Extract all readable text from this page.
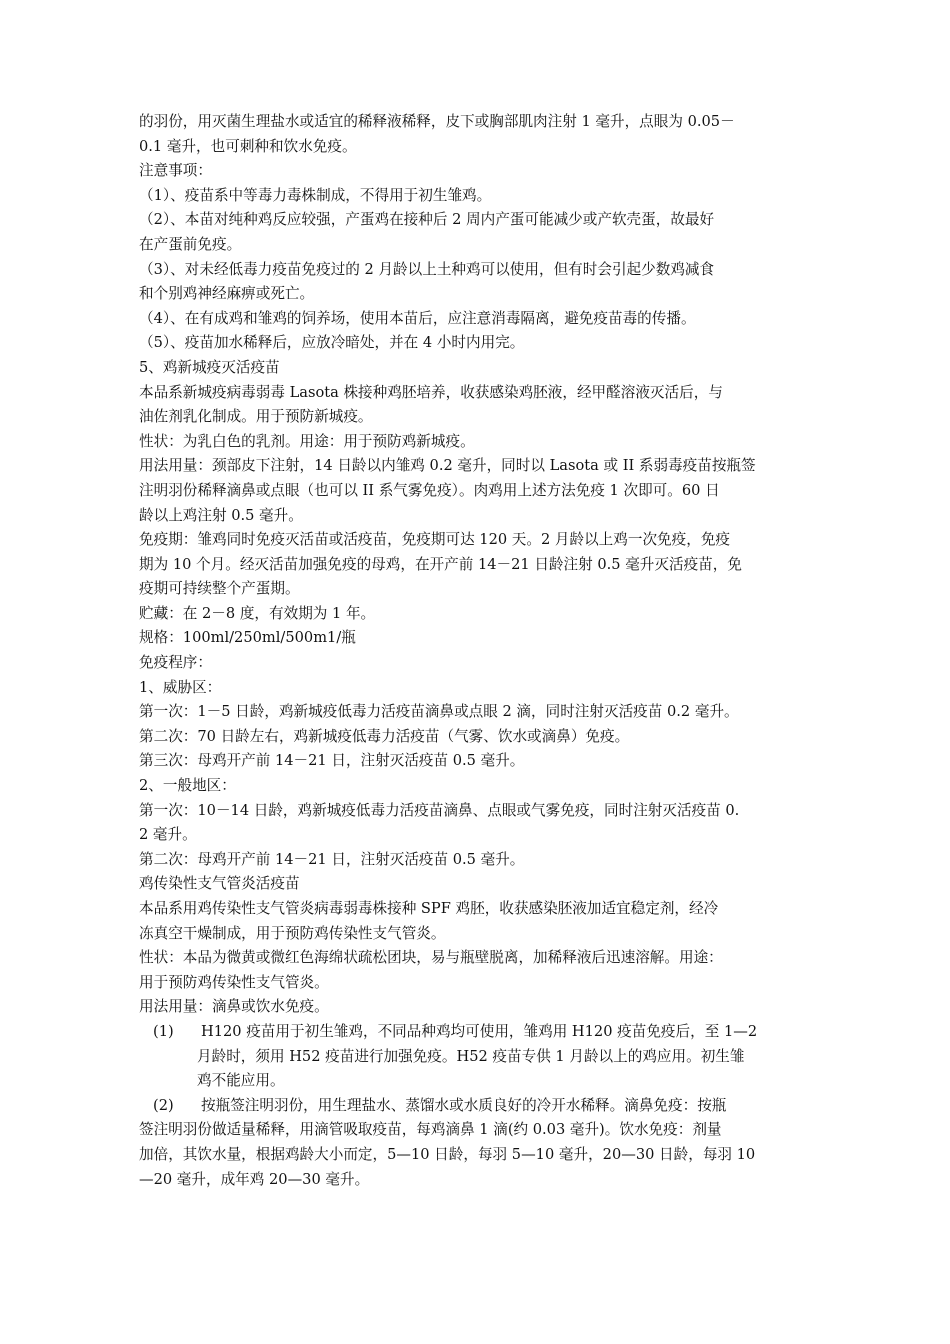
的羽份，用灭菌生理盐水或适宜的稀释液稀释，皮下或胸部肌肉注射 1 毫升，点眼为 0.05－
0.1 毫升，也可刺种和饮水免疫。
注意事项：
（1）、疫苗系中等毒力毒株制成，不得用于初生雏鸡。
（2）、本苗对纯种鸡反应较强，产蛋鸡在接种后 2 周内产蛋可能减少或产软壳蛋，故最好
在产蛋前免疫。
（3）、对未经低毒力疫苗免疫过的 2 月龄以上土种鸡可以使用，但有时会引起少数鸡减食
和个别鸡神经麻痹或死亡。
（4）、在有成鸡和雏鸡的饲养场，使用本苗后，应注意消毒隔离，避免疫苗毒的传播。
（5）、疫苗加水稀释后，应放冷暗处，并在 4 小时内用完。
5、鸡新城疫灭活疫苗
本品系新城疫病毒弱毒 Lasota 株接种鸡胚培养，收获感染鸡胚液，经甲醛溶液灭活后，与
油佐剂乳化制成。用于预防新城疫。
性状：为乳白色的乳剂。用途：用于预防鸡新城疫。
用法用量：颈部皮下注射，14 日龄以内雏鸡 0.2 毫升，同时以 Lasota 或 II 系弱毒疫苗按瓶签
注明羽份稀释滴鼻或点眼（也可以 II 系气雾免疫）。肉鸡用上述方法免疫 1 次即可。60 日
龄以上鸡注射 0.5 毫升。
免疫期：雏鸡同时免疫灭活苗或活疫苗，免疫期可达 120 天。2 月龄以上鸡一次免疫，免疫
期为 10 个月。经灭活苗加强免疫的母鸡，在开产前 14－21 日龄注射 0.5 毫升灭活疫苗，免
疫期可持续整个产蛋期。
贮藏：在 2－8 度，有效期为 1 年。
规格：100ml/250ml/500m1/瓶
免疫程序：
1、威胁区：
第一次：1－5 日龄，鸡新城疫低毒力活疫苗滴鼻或点眼 2 滴，同时注射灭活疫苗 0.2 毫升。
第二次：70 日龄左右，鸡新城疫低毒力活疫苗（气雾、饮水或滴鼻）免疫。
第三次：母鸡开产前 14－21 日，注射灭活疫苗 0.5 毫升。
2、一般地区：
第一次：10－14 日龄，鸡新城疫低毒力活疫苗滴鼻、点眼或气雾免疫，同时注射灭活疫苗 0.
2 毫升。
第二次：母鸡开产前 14－21 日，注射灭活疫苗 0.5 毫升。
鸡传染性支气管炎活疫苗
本品系用鸡传染性支气管炎病毒弱毒株接种 SPF 鸡胚，收获感染胚液加适宜稳定剂，经冷
冻真空干燥制成，用于预防鸡传染性支气管炎。
性状：本品为微黄或微红色海绵状疏松团块，易与瓶壁脱离，加稀释液后迅速溶解。用途：
用于预防鸡传染性支气管炎。
用法用量：滴鼻或饮水免疫。
(1) H120 疫苗用于初生雏鸡，不同品种鸡均可使用，雏鸡用 H120 疫苗免疫后，至 1—2
月龄时，须用 H52 疫苗进行加强免疫。H52 疫苗专供 1 月龄以上的鸡应用。初生雏
鸡不能应用。
(2) 按瓶签注明羽份，用生理盐水、蒸馏水或水质良好的冷开水稀释。滴鼻免疫：按瓶
签注明羽份做适量稀释，用滴管吸取疫苗，每鸡滴鼻 1 滴(约 0.03 毫升)。饮水免疫：剂量
加倍，其饮水量，根据鸡龄大小而定，5—10 日龄，每羽 5—10 毫升，20—30 日龄，每羽 10
—20 毫升，成年鸡 20—30 毫升。
